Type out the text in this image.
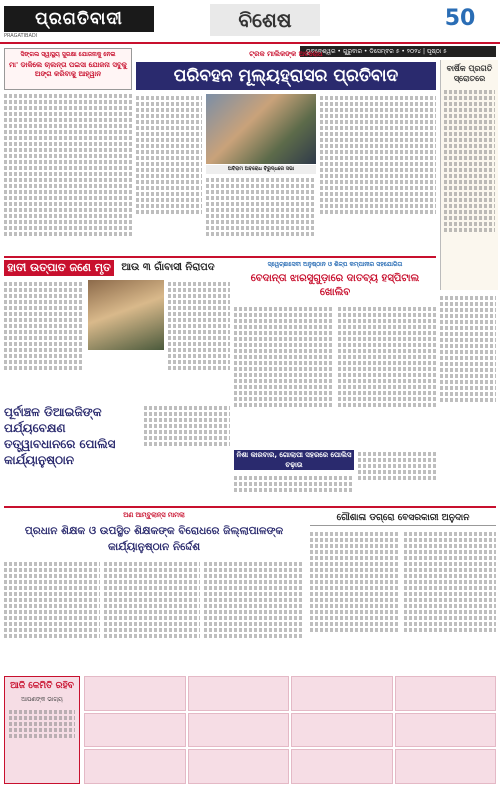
ପ୍ରଗତିବାଦୀ
PRAGATIBADI
ବିଶେଷ	50
ଭୁବନେଶ୍ୱର • ଗୁରୁବାର • ଡିସେମ୍ବର ୫ • ୨୦୨୪ | ପୃଷ୍ଠା ୫
ସିଙ୍ଗଲ ସ୍ୱାସ୍ଥ୍ୟ ସୁରକ୍ଷା ଯୋଜନାକୁ ନେଇ
ମା' ଡାକିଲେ ଚାଲନ୍ତା ପଇସା ଯୋଜନା ସବୁକୁ ଅଙ୍ଗ କରିବାକୁ ଆହ୍ୱାନ
ଟ୍ରକ ମାଲିକଙ୍କ ଅବରୋଧ
ପରିବହନ ମୂଲ୍ୟହ୍ରାସର ପ୍ରତିବାଦ
ଅବିରାମ ଅବରୋଧ ବିରୁଦ୍ଧରେ ସଭା
ବାର୍ଷିକ ପ୍ରଗତି ସ୍ରୋତରେ
ହାତୀ ଉତ୍ପାତ ଜଣେ ମୃତ	ଆଉ ୩ ଗାଁବାସୀ ନିରାପଦ	ସ୍ୱେଚ୍ଛାସେବୀ ଅନୁଷ୍ଠାନ ଓ ଶିଳ୍ପ କମ୍ପାନୀର ସହଯୋଗିତା
ବେଦାନ୍ତା ଝାରସୁଗୁଡ଼ାରେ ଦାତବ୍ୟ ହସ୍ପିଟାଲ ଖୋଲିବ
ପୂର୍ବାଞ୍ଚଳ ଡିଆଇଜିଙ୍କ ପର୍ଯ୍ୟବେକ୍ଷଣ ତତ୍ତ୍ୱାବଧାନରେ ପୋଲିସ କାର୍ଯ୍ୟାନୁଷ୍ଠାନ	ନିଶା କାରବାର, ଗୋଲାପୀ ସହରରେ ପୋଲିସ ଚଢ଼ାଉ
ଅଣ ଆମ୍ବୁଲାନ୍ସ ମାମଲା
ପ୍ରଧାନ ଶିକ୍ଷକ ଓ ଉପସ୍ଥିତ ଶିକ୍ଷକଙ୍କ ବିରୋଧରେ ଜିଲ୍ଲାପାଳଙ୍କ କାର୍ଯ୍ୟାନୁଷ୍ଠାନ ନିର୍ଦ୍ଦେଶ
ଗୌଶାଳା ଡଗ୍ରୋ ବେସରକାରୀ ଅନୁଦାନ
ଆଜି କେମିତି ରହିବ
ଆପଣଙ୍କ ଭାଗ୍ୟ
